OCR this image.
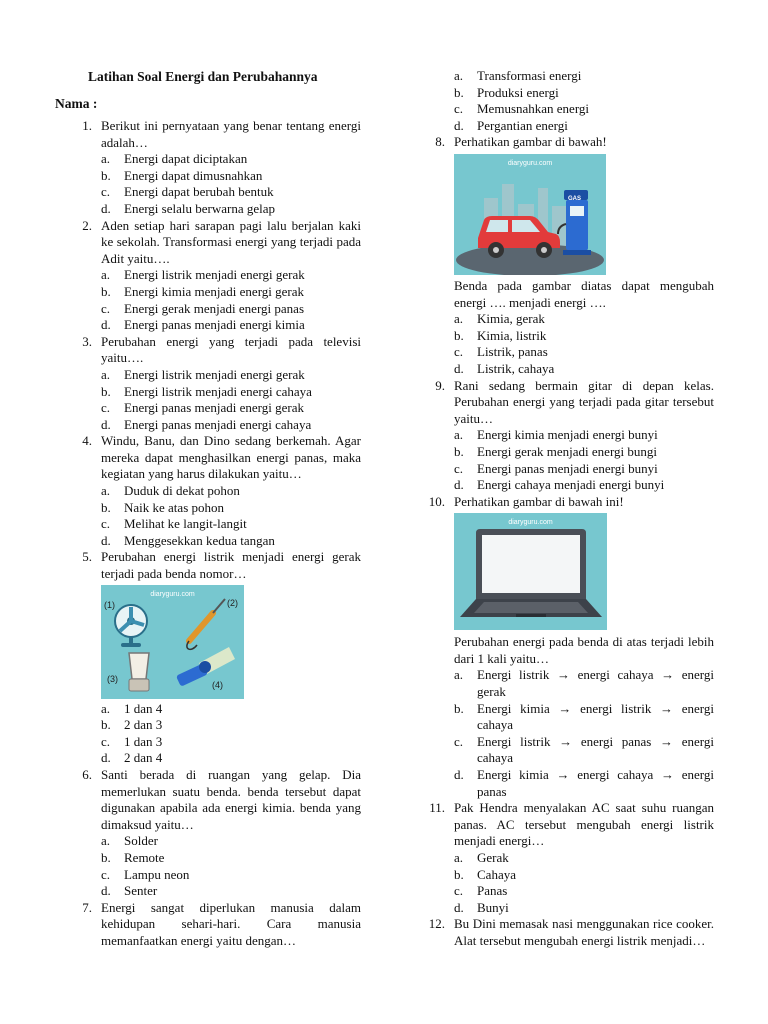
Latihan Soal Energi dan Perubahannya
Nama :
1. Berikut ini pernyataan yang benar tentang energi adalah…
a. Energi dapat diciptakan
b. Energi dapat dimusnahkan
c. Energi dapat berubah bentuk
d. Energi selalu berwarna gelap
2. Aden setiap hari sarapan pagi lalu berjalan kaki ke sekolah. Transformasi energi yang terjadi pada Adit yaitu….
a. Energi listrik menjadi energi gerak
b. Energi kimia menjadi energi gerak
c. Energi gerak menjadi energi panas
d. Energi panas menjadi energi kimia
3. Perubahan energi yang terjadi pada televisi yaitu….
a. Energi listrik menjadi energi gerak
b. Energi listrik menjadi energi cahaya
c. Energi panas menjadi energi gerak
d. Energi panas menjadi energi cahaya
4. Windu, Banu, dan Dino sedang berkemah. Agar mereka dapat menghasilkan energi panas, maka kegiatan yang harus dilakukan yaitu…
a. Duduk di dekat pohon
b. Naik ke atas pohon
c. Melihat ke langit-langit
d. Menggesekkan kedua tangan
5. Perubahan energi listrik menjadi energi gerak terjadi pada benda nomor…
diaryguru.com
(1)	(2)
(3)
(4)
a. 1 dan 4
b. 2 dan 3
c. 1 dan 3
d. 2 dan 4
6. Santi berada di ruangan yang gelap. Dia memerlukan suatu benda. benda tersebut dapat digunakan apabila ada energi kimia. benda yang dimaksud yaitu…
a. Solder
b. Remote
c. Lampu neon
d. Senter
7. Energi sangat diperlukan manusia dalam kehidupan sehari-hari. Cara manusia memanfaatkan energi yaitu dengan…
a. Transformasi energi
b. Produksi energi
c. Memusnahkan energi
d. Pergantian energi
8. Perhatikan gambar di bawah!
diaryguru.com
GAS
Benda pada gambar diatas dapat mengubah energi …. menjadi energi ….
a. Kimia, gerak
b. Kimia, listrik
c. Listrik, panas
d. Listrik, cahaya
9. Rani sedang bermain gitar di depan kelas. Perubahan energi yang terjadi pada gitar tersebut yaitu…
a. Energi kimia menjadi energi bunyi
b. Energi gerak menjadi energi bungi
c. Energi panas menjadi energi bunyi
d. Energi cahaya menjadi energi bunyi
10. Perhatikan gambar di bawah ini!
diaryguru.com
Perubahan energi pada benda di atas terjadi lebih dari 1 kali yaitu…
a. Energi listrik → energi cahaya → energi gerak
b. Energi kimia → energi listrik → energi cahaya
c. Energi listrik → energi panas → energi cahaya
d. Energi kimia → energi cahaya → energi panas
11. Pak Hendra menyalakan AC saat suhu ruangan panas. AC tersebut mengubah energi listrik menjadi energi…
a. Gerak
b. Cahaya
c. Panas
d. Bunyi
12. Bu Dini memasak nasi menggunakan rice cooker. Alat tersebut mengubah energi listrik menjadi…
